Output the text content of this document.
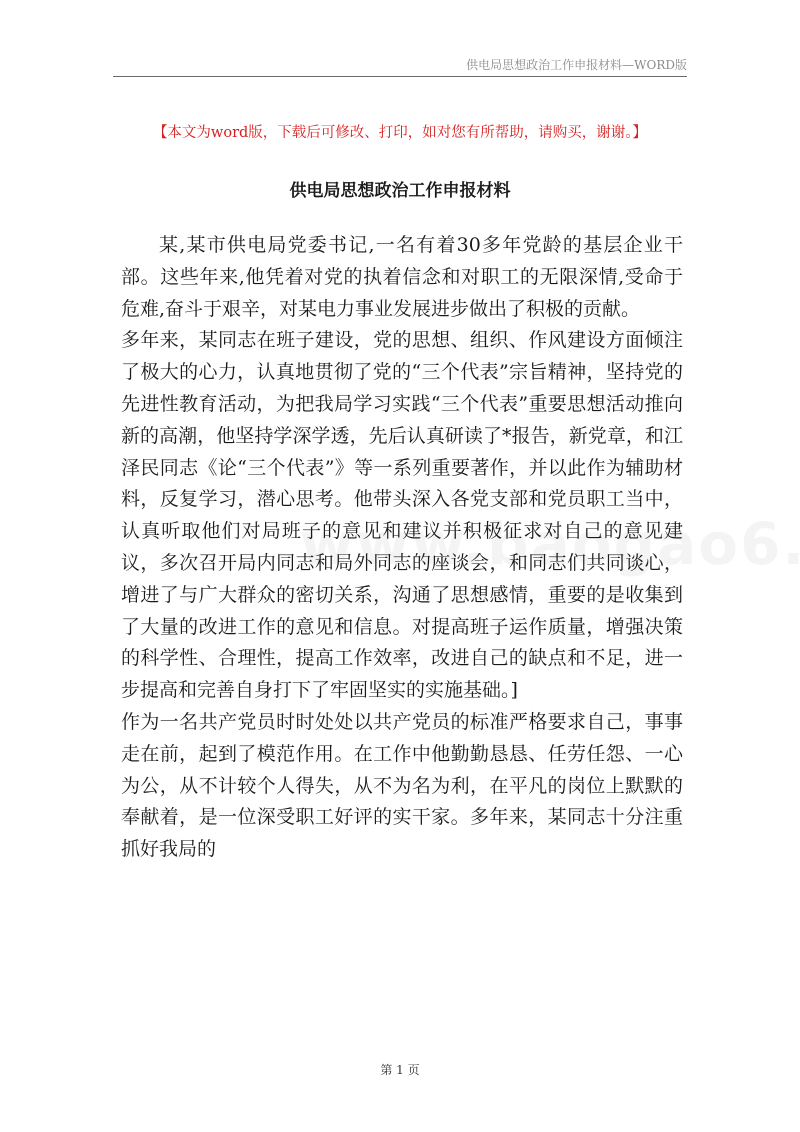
供电局思想政治工作申报材料—WORD版
【本文为word版，下载后可修改、打印，如对您有所帮助，请购买，谢谢。】
供电局思想政治工作申报材料

某,某市供电局党委书记,一名有着30多年党龄的基层企业干部。这些年来,他凭着对党的执着信念和对职工的无限深情,受命于危难,奋斗于艰辛，对某电力事业发展进步做出了积极的贡献。

多年来，某同志在班子建设，党的思想、组织、作风建设方面倾注了极大的心力，认真地贯彻了党的“三个代表”宗旨精神，坚持党的先进性教育活动，为把我局学习实践“三个代表”重要思想活动推向新的高潮，他坚持学深学透，先后认真研读了*报告，新党章，和江泽民同志《论“三个代表”》等一系列重要著作，并以此作为辅助材料，反复学习，潜心思考。他带头深入各党支部和党员职工当中，认真听取他们对局班子的意见和建议并积极征求对自己的意见建议，多次召开局内同志和局外同志的座谈会，和同志们共同谈心，增进了与广大群众的密切关系，沟通了思想感情，重要的是收集到了大量的改进工作的意见和信息。对提高班子运作质量，增强决策的科学性、合理性，提高工作效率，改进自己的缺点和不足，进一步提高和完善自身打下了牢固坚实的实施基础。]

作为一名共产党员时时处处以共产党员的标准严格要求自己，事事走在前，起到了模范作用。在工作中他勤勤恳恳、任劳任怨、一心为公，从不计较个人得失，从不为名为利，在平凡的岗位上默默的奉献着，是一位深受职工好评的实干家。多年来，某同志十分注重抓好我局的

第 1 页
